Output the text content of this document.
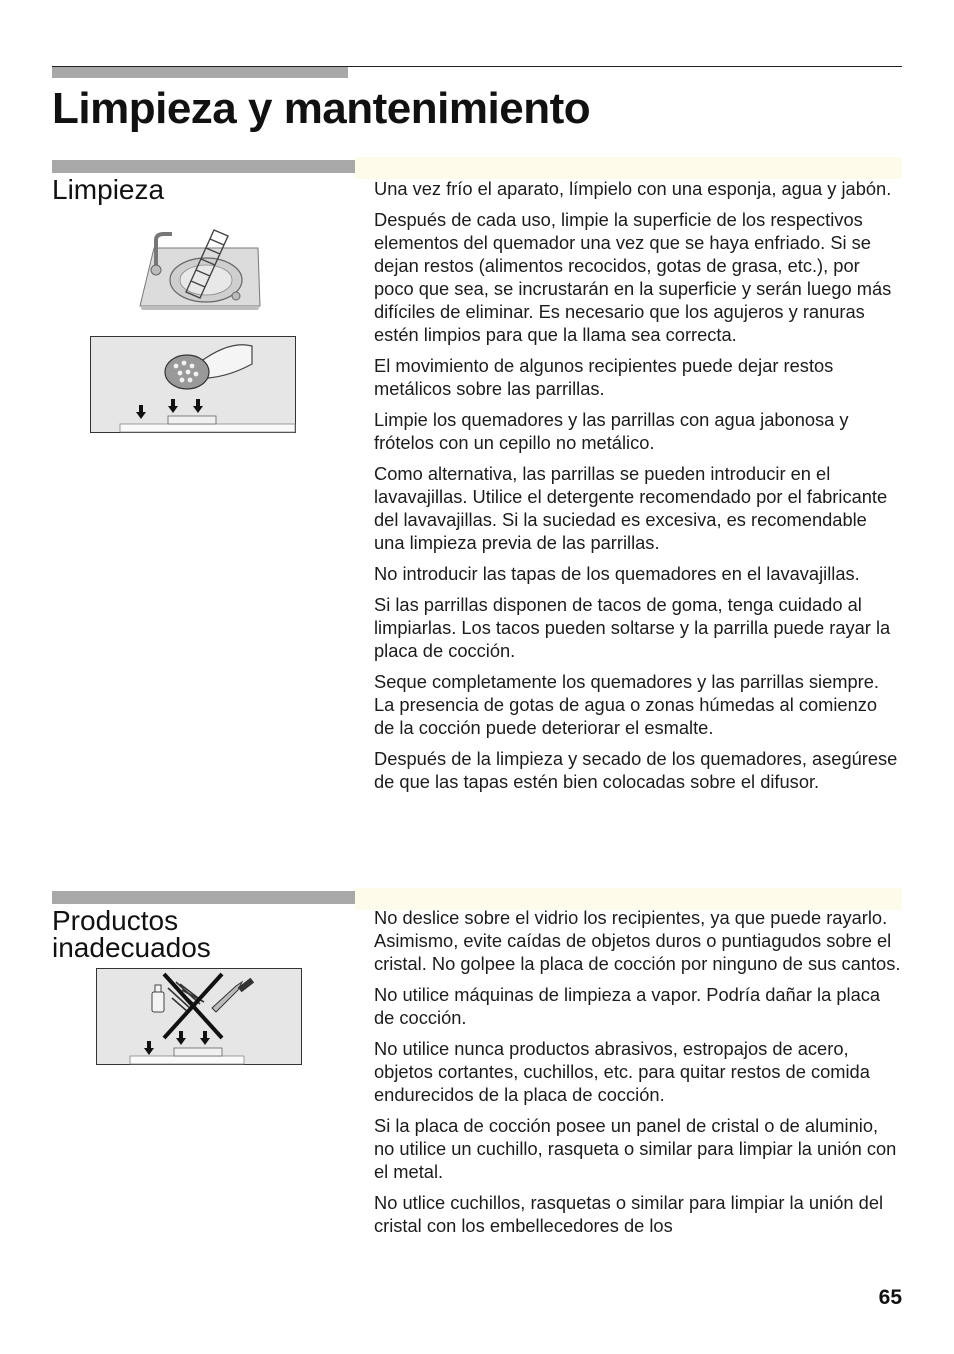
Limpieza y mantenimiento
Limpieza	Una vez frío el aparato, límpielo con una esponja, agua y jabón.

Después de cada uso, limpie la superficie de los respectivos elementos del quemador una vez que se haya enfriado. Si se dejan restos (alimentos recocidos, gotas de grasa, etc.), por poco que sea, se incrustarán en la superficie y serán luego más difíciles de eliminar. Es necesario que los agujeros y ranuras estén limpios para que la llama sea correcta.

El movimiento de algunos recipientes puede dejar restos metálicos sobre las parrillas.

Limpie los quemadores y las parrillas con agua jabonosa y frótelos con un cepillo no metálico.

Como alternativa, las parrillas se pueden introducir en el lavavajillas. Utilice el detergente recomendado por el fabricante del lavavajillas. Si la suciedad es excesiva, es recomendable una limpieza previa de las parrillas.

No introducir las tapas de los quemadores en el lavavajillas.

Si las parrillas disponen de tacos de goma, tenga cuidado al limpiarlas. Los tacos pueden soltarse y la parrilla puede rayar la placa de cocción.

Seque completamente los quemadores y las parrillas siempre. La presencia de gotas de agua o zonas húmedas al comienzo de la cocción puede deteriorar el esmalte.

Después de la limpieza y secado de los quemadores, asegúrese de que las tapas estén bien colocadas sobre el difusor.

Productos
inadecuados

No deslice sobre el vidrio los recipientes, ya que puede rayarlo. Asimismo, evite caídas de objetos duros o puntiagudos sobre el cristal. No golpee la placa de cocción por ninguno de sus cantos.

No utilice máquinas de limpieza a vapor. Podría dañar la placa de cocción.

No utilice nunca productos abrasivos, estropajos de acero, objetos cortantes, cuchillos, etc. para quitar restos de comida endurecidos de la placa de cocción.

Si la placa de cocción posee un panel de cristal o de aluminio, no utilice un cuchillo, rasqueta o similar para limpiar la unión con el metal.

No utlice cuchillos, rasquetas o similar para limpiar la unión del cristal con los embellecedores de los

65
